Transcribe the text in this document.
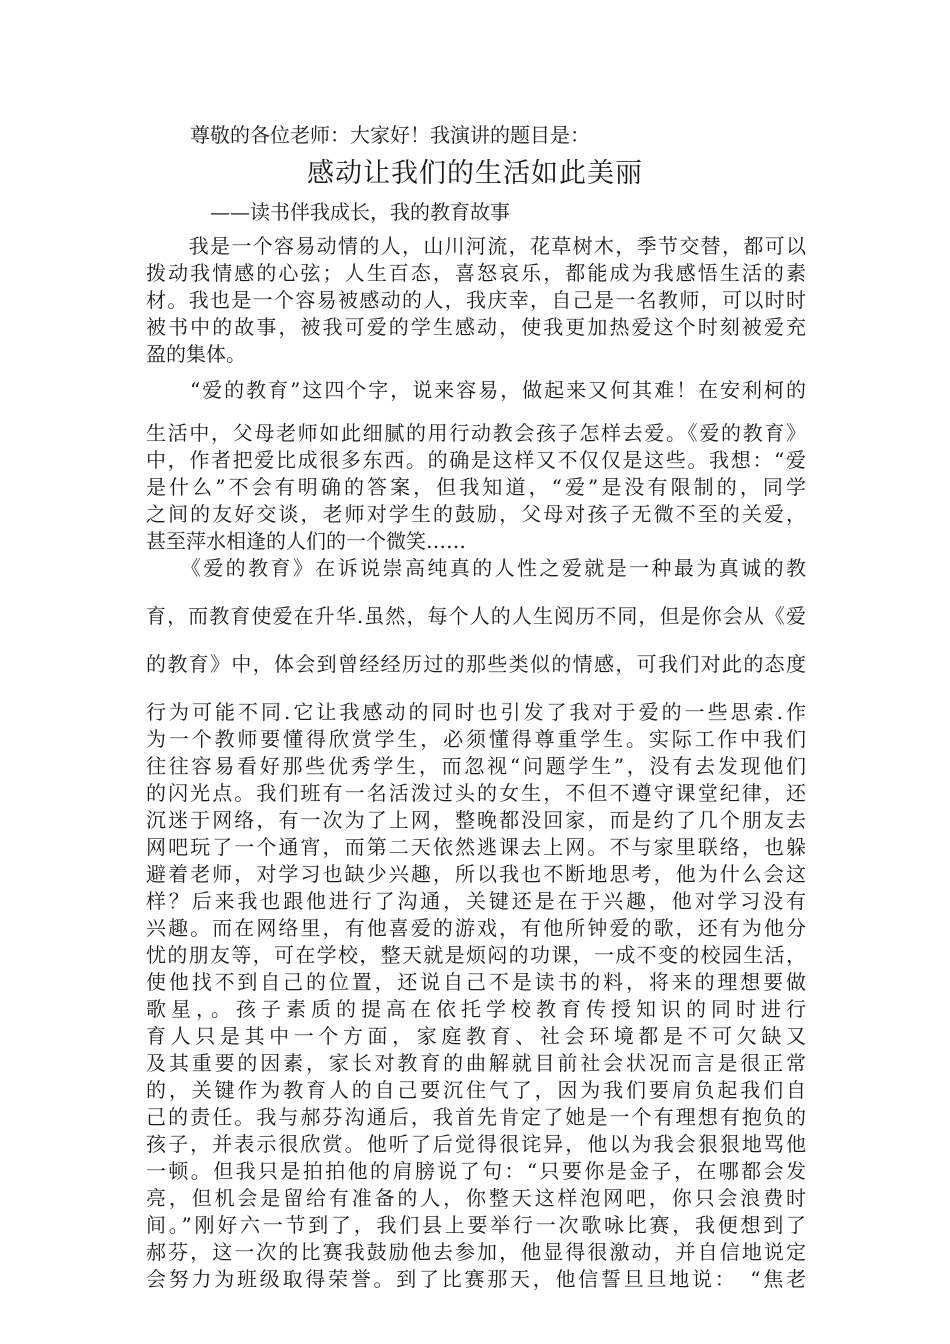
尊敬的各位老师：大家好！我演讲的题目是：
感动让我们的生活如此美丽
——读书伴我成长，我的教育故事
　　我是一个容易动情的人，山川河流，花草树木，季节交替，都可以
拨动我情感的心弦；人生百态，喜怒哀乐，都能成为我感悟生活的素
材。我也是一个容易被感动的人，我庆幸，自己是一名教师，可以时时
被书中的故事，被我可爱的学生感动，使我更加热爱这个时刻被爱充
盈的集体。
　　“爱的教育”这四个字，说来容易，做起来又何其难！在安利柯的
生活中，父母老师如此细腻的用行动教会孩子怎样去爱。《爱的教育》
中，作者把爱比成很多东西。的确是这样又不仅仅是这些。我想：“爱
是什么”不会有明确的答案，但我知道，“爱”是没有限制的，同学
之间的友好交谈，老师对学生的鼓励，父母对孩子无微不至的关爱，
甚至萍水相逢的人们的一个微笑……
　　《爱的教育》在诉说崇高纯真的人性之爱就是一种最为真诚的教
育，而教育使爱在升华.虽然，每个人的人生阅历不同，但是你会从《爱
的教育》中，体会到曾经经历过的那些类似的情感，可我们对此的态度
行为可能不同.它让我感动的同时也引发了我对于爱的一些思索.作
为一个教师要懂得欣赏学生，必须懂得尊重学生。实际工作中我们
往往容易看好那些优秀学生，而忽视“问题学生”，没有去发现他们
的闪光点。我们班有一名活泼过头的女生，不但不遵守课堂纪律，还
沉迷于网络，有一次为了上网，整晚都没回家，而是约了几个朋友去
网吧玩了一个通宵，而第二天依然逃课去上网。不与家里联络，也躲
避着老师，对学习也缺少兴趣，所以我也不断地思考，他为什么会这
样？后来我也跟他进行了沟通，关键还是在于兴趣，他对学习没有
兴趣。而在网络里，有他喜爱的游戏，有他所钟爱的歌，还有为他分
忧的朋友等，可在学校，整天就是烦闷的功课，一成不变的校园生活，
使他找不到自己的位置，还说自己不是读书的料，将来的理想要做
歌星，。孩子素质的提高在依托学校教育传授知识的同时进行
育人只是其中一个方面，家庭教育、社会环境都是不可欠缺又
及其重要的因素，家长对教育的曲解就目前社会状况而言是很正常
的，关键作为教育人的自己要沉住气了，因为我们要肩负起我们自
己的责任。我与郝芬沟通后，我首先肯定了她是一个有理想有抱负的
孩子，并表示很欣赏。他听了后觉得很诧异，他以为我会狠狠地骂他
一顿。但我只是拍拍他的肩膀说了句：“只要你是金子，在哪都会发
亮，但机会是留给有准备的人，你整天这样泡网吧，你只会浪费时
间。”刚好六一节到了，我们县上要举行一次歌咏比赛，我便想到了
郝芬，这一次的比赛我鼓励他去参加，他显得很激动，并自信地说定
会努力为班级取得荣誉。到了比赛那天，他信誓旦旦地说：　“焦老
